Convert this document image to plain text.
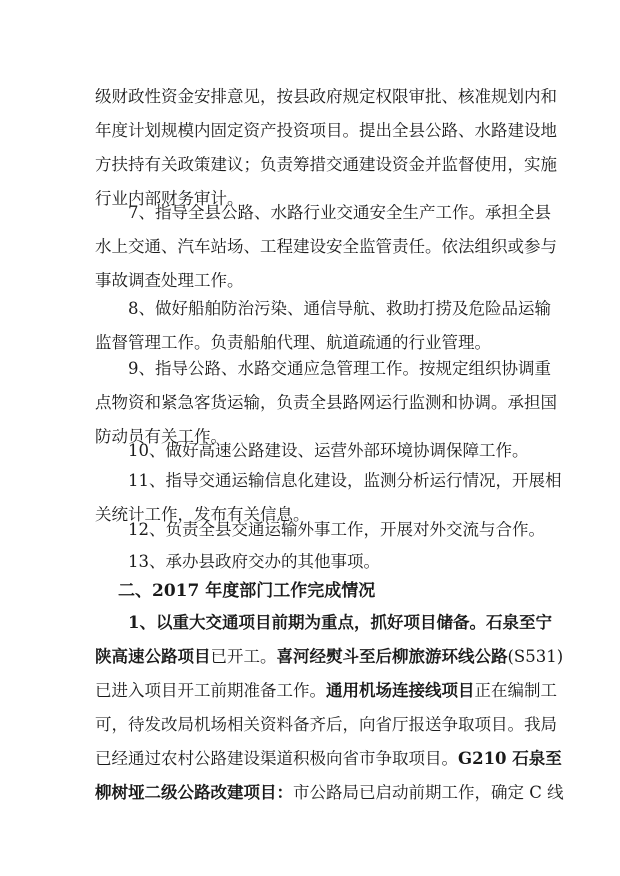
级财政性资金安排意见，按县政府规定权限审批、核准规划内和
年度计划规模内固定资产投资项目。提出全县公路、水路建设地
方扶持有关政策建议；负责筹措交通建设资金并监督使用，实施
行业内部财务审计。
7、指导全县公路、水路行业交通安全生产工作。承担全县
水上交通、汽车站场、工程建设安全监管责任。依法组织或参与
事故调查处理工作。
8、做好船舶防治污染、通信导航、救助打捞及危险品运输
监督管理工作。负责船舶代理、航道疏通的行业管理。
9、指导公路、水路交通应急管理工作。按规定组织协调重
点物资和紧急客货运输，负责全县路网运行监测和协调。承担国
防动员有关工作。
10、做好高速公路建设、运营外部环境协调保障工作。
11、指导交通运输信息化建设，监测分析运行情况，开展相
关统计工作，发布有关信息。
12、负责全县交通运输外事工作，开展对外交流与合作。
13、承办县政府交办的其他事项。
二、2017 年度部门工作完成情况
1、以重大交通项目前期为重点，抓好项目储备。石泉至宁
陕高速公路项目已开工。喜河经熨斗至后柳旅游环线公路(S531)
已进入项目开工前期准备工作。通用机场连接线项目正在编制工
可，待发改局机场相关资料备齐后，向省厅报送争取项目。我局
已经通过农村公路建设渠道积极向省市争取项目。G210 石泉至
柳树垭二级公路改建项目：市公路局已启动前期工作，确定 C 线
